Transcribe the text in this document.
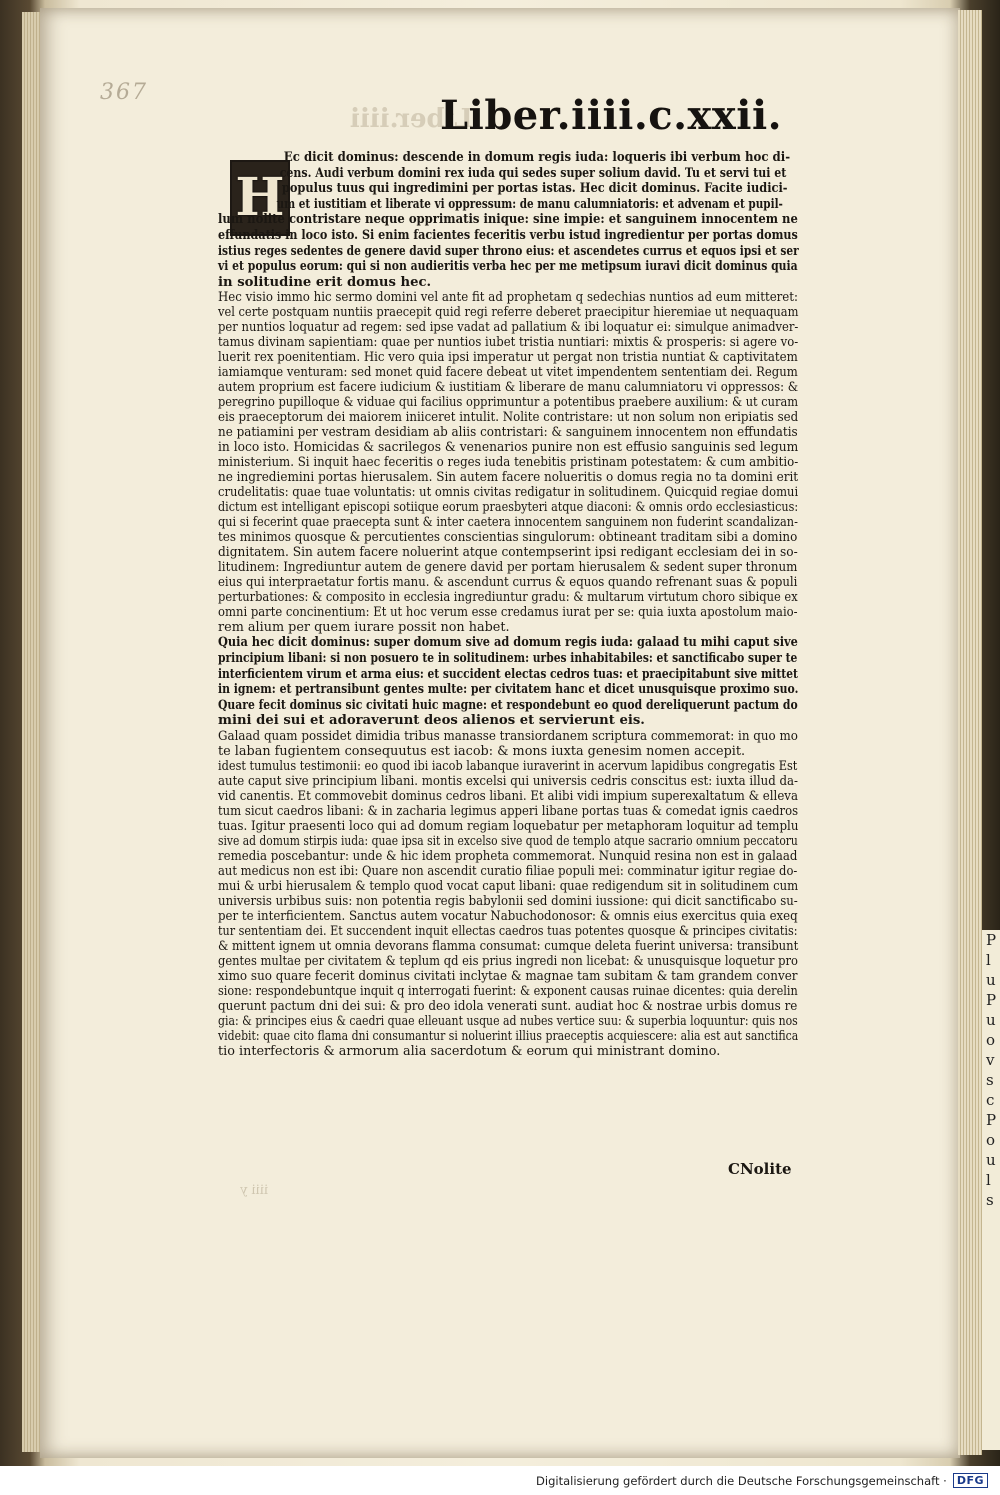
P
l
u
P
u
o
v
s
c
P
o
u
l
s
367
Liber.iiii
Liber.iiii.c.xxii.
H
Ec dicit dominus: descende in domum regis iuda: loqueris ibi verbum hoc di-
cens. Audi verbum domini rex iuda qui sedes super solium david. Tu et servi tui et
populus tuus qui ingredimini per portas istas. Hec dicit dominus. Facite iudici-
um et iustitiam et liberate vi oppressum: de manu calumniatoris: et advenam et pupil-
lum nolite contristare neque opprimatis inique: sine impie: et sanguinem innocentem ne
effundatis in loco isto. Si enim facientes feceritis verbu istud ingredientur per portas domus
istius reges sedentes de genere david super throno eius: et ascendetes currus et equos ipsi et ser
vi et populus eorum: qui si non audieritis verba hec per me metipsum iuravi dicit dominus quia
in solitudine erit domus hec.
Hec visio immo hic sermo domini vel ante fit ad prophetam q sedechias nuntios ad eum mitteret:
vel certe postquam nuntiis praecepit quid regi referre deberet praecipitur hieremiae ut nequaquam
per nuntios loquatur ad regem: sed ipse vadat ad pallatium & ibi loquatur ei: simulque animadver-
tamus divinam sapientiam: quae per nuntios iubet tristia nuntiari: mixtis & prosperis: si agere vo-
luerit rex poenitentiam. Hic vero quia ipsi imperatur ut pergat non tristia nuntiat & captivitatem
iamiamque venturam: sed monet quid facere debeat ut vitet impendentem sententiam dei. Regum
autem proprium est facere iudicium & iustitiam & liberare de manu calumniatoru vi oppressos: &
peregrino pupilloque & viduae qui facilius opprimuntur a potentibus praebere auxilium: & ut curam
eis praeceptorum dei maiorem iniiceret intulit. Nolite contristare: ut non solum non eripiatis sed
ne patiamini per vestram desidiam ab aliis contristari: & sanguinem innocentem non effundatis
in loco isto. Homicidas & sacrilegos & venenarios punire non est effusio sanguinis sed legum
ministerium. Si inquit haec feceritis o reges iuda tenebitis pristinam potestatem: & cum ambitio-
ne ingrediemini portas hierusalem. Sin autem facere nolueritis o domus regia no ta domini erit
crudelitatis: quae tuae voluntatis: ut omnis civitas redigatur in solitudinem. Quicquid regiae domui
dictum est intelligant episcopi sotiique eorum praesbyteri atque diaconi: & omnis ordo ecclesiasticus:
qui si fecerint quae praecepta sunt & inter caetera innocentem sanguinem non fuderint scandalizan-
tes minimos quosque & percutientes conscientias singulorum: obtineant traditam sibi a domino
dignitatem. Sin autem facere noluerint atque contempserint ipsi redigant ecclesiam dei in so-
litudinem: Ingrediuntur autem de genere david per portam hierusalem & sedent super thronum
eius qui interpraetatur fortis manu. & ascendunt currus & equos quando refrenant suas & populi
perturbationes: & composito in ecclesia ingrediuntur gradu: & multarum virtutum choro sibique ex
omni parte concinentium: Et ut hoc verum esse credamus iurat per se: quia iuxta apostolum maio-
rem alium per quem iurare possit non habet.
Quia hec dicit dominus: super domum sive ad domum regis iuda: galaad tu mihi caput sive
principium libani: si non posuero te in solitudinem: urbes inhabitabiles: et sanctificabo super te
interficientem virum et arma eius: et succident electas cedros tuas: et praecipitabunt sive mittet
in ignem: et pertransibunt gentes multe: per civitatem hanc et dicet unusquisque proximo suo.
Quare fecit dominus sic civitati huic magne: et respondebunt eo quod dereliquerunt pactum do
mini dei sui et adoraverunt deos alienos et servierunt eis.
Galaad quam possidet dimidia tribus manasse transiordanem scriptura commemorat: in quo mo
te laban fugientem consequutus est iacob: & mons iuxta genesim nomen accepit.
idest tumulus testimonii: eo quod ibi iacob labanque iuraverint in acervum lapidibus congregatis Est
aute caput sive principium libani. montis excelsi qui universis cedris conscitus est: iuxta illud da-
vid canentis. Et commovebit dominus cedros libani. Et alibi vidi impium superexaltatum & elleva
tum sicut caedros libani: & in zacharia legimus apperi libane portas tuas & comedat ignis caedros
tuas. Igitur praesenti loco qui ad domum regiam loquebatur per metaphoram loquitur ad templu
sive ad domum stirpis iuda: quae ipsa sit in excelso sive quod de templo atque sacrario omnium peccatoru
remedia poscebantur: unde & hic idem propheta commemorat. Nunquid resina non est in galaad
aut medicus non est ibi: Quare non ascendit curatio filiae populi mei: comminatur igitur regiae do-
mui & urbi hierusalem & templo quod vocat caput libani: quae redigendum sit in solitudinem cum
universis urbibus suis: non potentia regis babylonii sed domini iussione: qui dicit sanctificabo su-
per te interficientem. Sanctus autem vocatur Nabuchodonosor: & omnis eius exercitus quia exeq
tur sententiam dei. Et succendent inquit ellectas caedros tuas potentes quosque & principes civitatis:
& mittent ignem ut omnia devorans flamma consumat: cumque deleta fuerint universa: transibunt
gentes multae per civitatem & teplum qd eis prius ingredi non licebat: & unusquisque loquetur pro
ximo suo quare fecerit dominus civitati inclytae & magnae tam subitam & tam grandem conver
sione: respondebuntque inquit q interrogati fuerint: & exponent causas ruinae dicentes: quia derelin
querunt pactum dni dei sui: & pro deo idola venerati sunt. audiat hoc & nostrae urbis domus re
gia: & principes eius & caedri quae elleuant usque ad nubes vertice suu: & superbia loquuntur: quis nos
videbit: quae cito flama dni consumantur si noluerint illius praeceptis acquiescere: alia est aut sanctifica
tio interfectoris & armorum alia sacerdotum & eorum qui ministrant domino.
CNolite
iiii y
Digitalisierung gefördert durch die Deutsche Forschungsgemeinschaft · DFG
